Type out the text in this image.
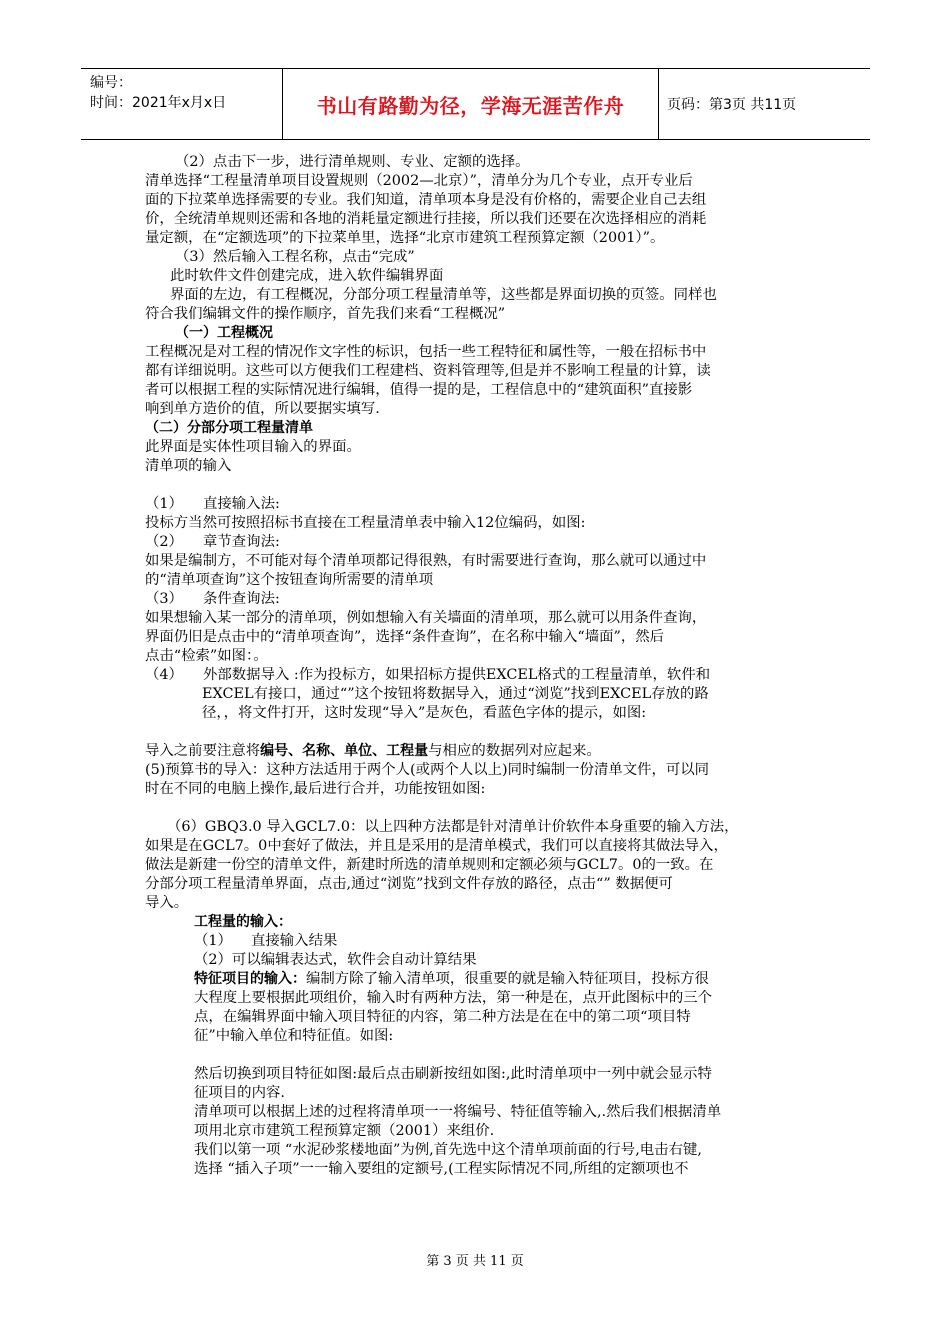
编号：
时间：2021年x月x日	书山有路勤为径，学海无涯苦作舟	页码：第3页 共11页
（2）点击下一步，进行清单规则、专业、定额的选择。
清单选择“工程量清单项目设置规则（2002—北京）”，清单分为几个专业，点开专业后
面的下拉菜单选择需要的专业。我们知道，清单项本身是没有价格的，需要企业自己去组
价，全统清单规则还需和各地的消耗量定额进行挂接，所以我们还要在次选择相应的消耗
量定额，在“定额选项”的下拉菜单里，选择“北京市建筑工程预算定额（2001）”。
（3）然后输入工程名称，点击“完成”
此时软件文件创建完成，进入软件编辑界面
界面的左边，有工程概况，分部分项工程量清单等，这些都是界面切换的页签。同样也
符合我们编辑文件的操作顺序，首先我们来看“工程概况”
（一）工程概况
工程概况是对工程的情况作文字性的标识，包括一些工程特征和属性等，一般在招标书中
都有详细说明。这些可以方便我们工程建档、资料管理等,但是并不影响工程量的计算，读
者可以根据工程的实际情况进行编辑，值得一提的是，工程信息中的“建筑面积”直接影
响到单方造价的值，所以要据实填写.
（二）分部分项工程量清单
此界面是实体性项目输入的界面。
清单项的输入
（1） 直接输入法:
投标方当然可按照招标书直接在工程量清单表中输入12位编码，如图:
（2） 章节查询法:
如果是编制方，不可能对每个清单项都记得很熟，有时需要进行查询，那么就可以通过中
的“清单项查询”这个按钮查询所需要的清单项
（3） 条件查询法:
如果想输入某一部分的清单项，例如想输入有关墙面的清单项，那么就可以用条件查询，
界面仍旧是点击中的“清单项查询”，选择“条件查询”，在名称中输入“墙面”，然后
点击“检索”如图：。
（4） 外部数据导入 :作为投标方，如果招标方提供EXCEL格式的工程量清单，软件和
EXCEL有接口，通过“”这个按钮将数据导入，通过“浏览”找到EXCEL存放的路
径，，将文件打开，这时发现“导入”是灰色，看蓝色字体的提示，如图:
导入之前要注意将编号、名称、单位、工程量与相应的数据列对应起来。
(5)预算书的导入：这种方法适用于两个人(或两个人以上)同时编制一份清单文件，可以同
时在不同的电脑上操作,最后进行合并，功能按钮如图:
（6）GBQ3.0 导入GCL7.0：以上四种方法都是针对清单计价软件本身重要的输入方法，
如果是在GCL7。0中套好了做法，并且是采用的是清单模式，我们可以直接将其做法导入，
做法是新建一份空的清单文件，新建时所选的清单规则和定额必须与GCL7。0的一致。在
分部分项工程量清单界面，点击,通过“浏览”找到文件存放的路径，点击“” 数据便可
导入。
工程量的输入：
（1） 直接输入结果
（2）可以编辑表达式，软件会自动计算结果
特征项目的输入：编制方除了输入清单项，很重要的就是输入特征项目，投标方很
大程度上要根据此项组价，输入时有两种方法，第一种是在，点开此图标中的三个
点，在编辑界面中输入项目特征的内容，第二种方法是在在中的第二项“项目特
征”中输入单位和特征值。如图:
然后切换到项目特征如图:最后点击刷新按纽如图:,此时清单项中一列中就会显示特
征项目的内容.
清单项可以根据上述的过程将清单项一一将编号、特征值等输入,.然后我们根据清单
项用北京市建筑工程预算定额（2001）来组价.
我们以第一项 “水泥砂浆楼地面”为例,首先选中这个清单项前面的行号,电击右键,
选择 “插入子项”一一输入要组的定额号,(工程实际情况不同,所组的定额项也不
第 3 页 共 11 页
